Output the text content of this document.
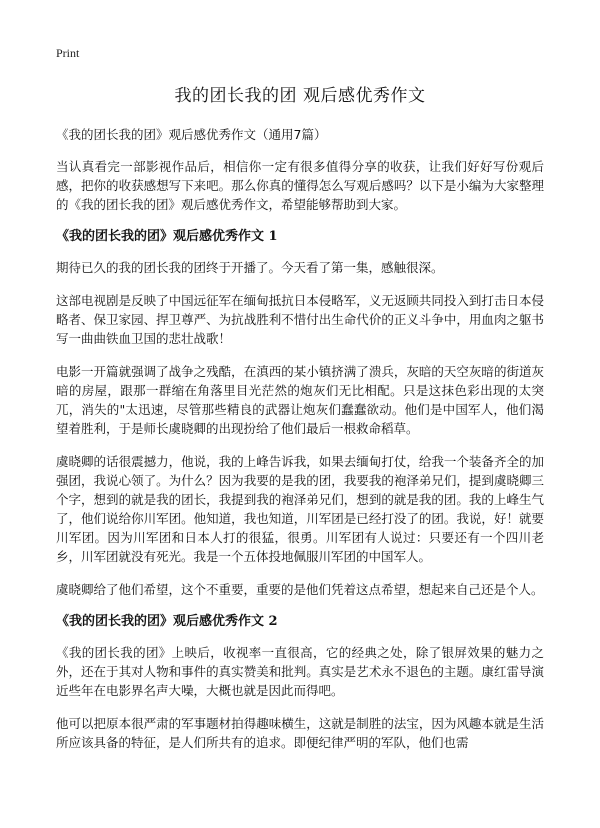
Print
我的团长我的团 观后感优秀作文
《我的团长我的团》观后感优秀作文（通用7篇）

当认真看完一部影视作品后，相信你一定有很多值得分享的收获，让我们好好写份观后感，把你的收获感想写下来吧。那么你真的懂得怎么写观后感吗？以下是小编为大家整理的《我的团长我的团》观后感优秀作文，希望能够帮助到大家。

《我的团长我的团》观后感优秀作文 1

期待已久的我的团长我的团终于开播了。今天看了第一集，感触很深。

这部电视剧是反映了中国远征军在缅甸抵抗日本侵略军，义无返顾共同投入到打击日本侵略者、保卫家园、捍卫尊严、为抗战胜利不惜付出生命代价的正义斗争中，用血肉之躯书写一曲曲铁血卫国的悲壮战歌！

电影一开篇就强调了战争之残酷，在滇西的某小镇挤满了溃兵，灰暗的天空灰暗的街道灰暗的房屋，跟那一群缩在角落里目光茫然的炮灰们无比相配。只是这抹色彩出现的太突兀，消失的"太迅速，尽管那些精良的武器让炮灰们蠢蠢欲动。他们是中国军人，他们渴望着胜利，于是师长虞晓卿的出现扮给了他们最后一根救命稻草。

虞晓卿的话很震撼力，他说，我的上峰告诉我，如果去缅甸打仗，给我一个装备齐全的加强团，我说心领了。为什么？因为我要的是我的团，我要我的袍泽弟兄们，提到虞晓卿三个字，想到的就是我的团长，我提到我的袍泽弟兄们，想到的就是我的团。我的上峰生气了，他们说给你川军团。他知道，我也知道，川军团是已经打没了的团。我说，好！就要川军团。因为川军团和日本人打的很猛，很勇。川军团有人说过：只要还有一个四川老乡，川军团就没有死光。我是一个五体投地佩服川军团的中国军人。

虞晓卿给了他们希望，这个不重要，重要的是他们凭着这点希望，想起来自己还是个人。

《我的团长我的团》观后感优秀作文 2

《我的团长我的团》上映后，收视率一直很高，它的经典之处，除了银屏效果的魅力之外，还在于其对人物和事件的真实赞美和批判。真实是艺术永不退色的主题。康红雷导演近些年在电影界名声大噪，大概也就是因此而得吧。

他可以把原本很严肃的军事题材拍得趣味横生，这就是制胜的法宝，因为风趣本就是生活所应该具备的特征，是人们所共有的追求。即便纪律严明的军队，他们也需
